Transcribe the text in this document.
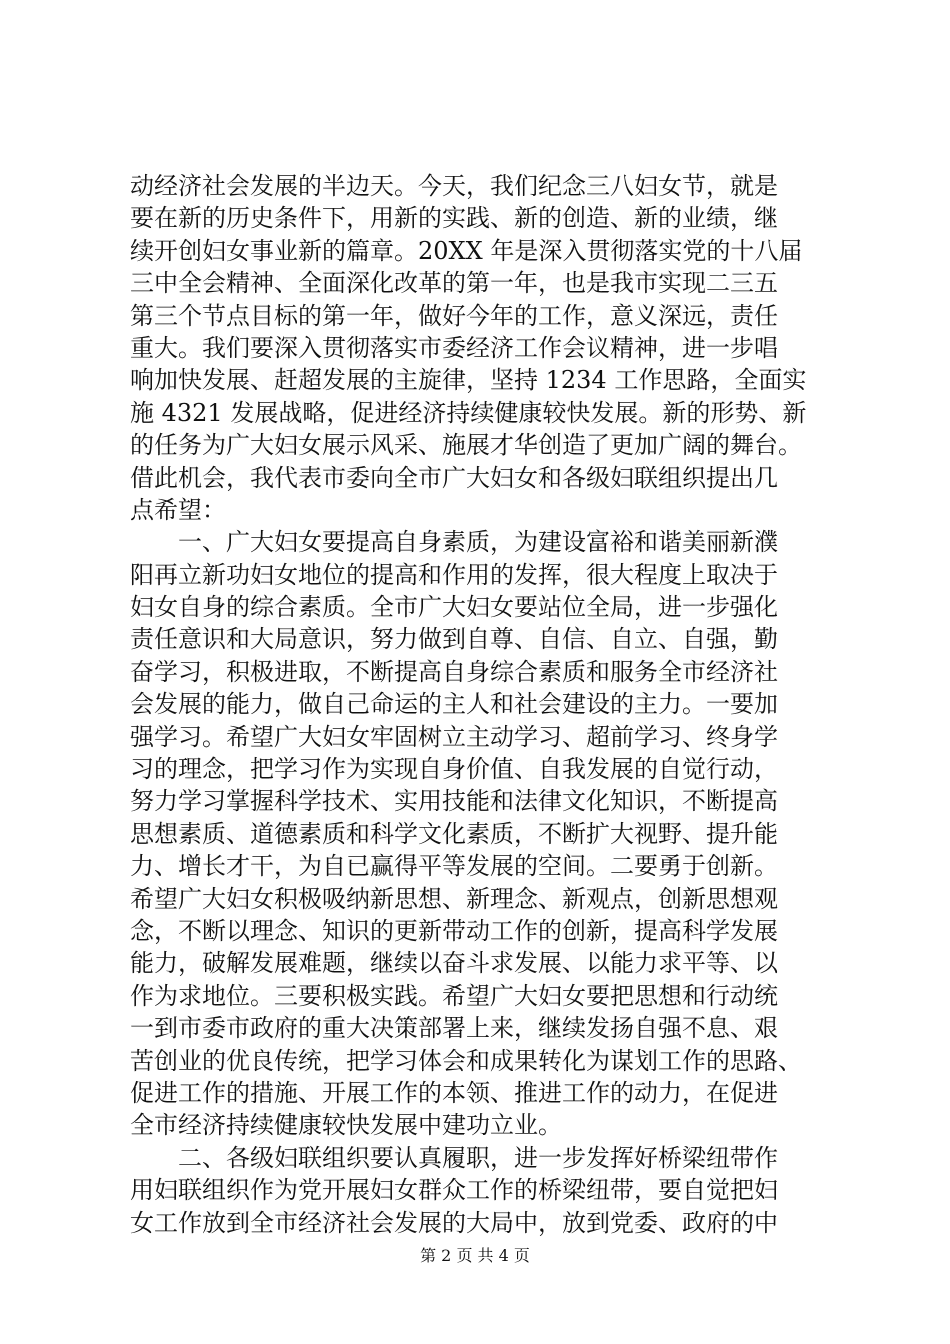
动经济社会发展的半边天。今天，我们纪念三八妇女节，就是
要在新的历史条件下，用新的实践、新的创造、新的业绩，继
续开创妇女事业新的篇章。20XX 年是深入贯彻落实党的十八届
三中全会精神、全面深化改革的第一年，也是我市实现二三五
第三个节点目标的第一年，做好今年的工作，意义深远，责任
重大。我们要深入贯彻落实市委经济工作会议精神，进一步唱
响加快发展、赶超发展的主旋律，坚持 1234 工作思路，全面实
施 4321 发展战略，促进经济持续健康较快发展。新的形势、新
的任务为广大妇女展示风采、施展才华创造了更加广阔的舞台。
借此机会，我代表市委向全市广大妇女和各级妇联组织提出几
点希望：
　　一、广大妇女要提高自身素质，为建设富裕和谐美丽新濮
阳再立新功妇女地位的提高和作用的发挥，很大程度上取决于
妇女自身的综合素质。全市广大妇女要站位全局，进一步强化
责任意识和大局意识，努力做到自尊、自信、自立、自强，勤
奋学习，积极进取，不断提高自身综合素质和服务全市经济社
会发展的能力，做自己命运的主人和社会建设的主力。一要加
强学习。希望广大妇女牢固树立主动学习、超前学习、终身学
习的理念，把学习作为实现自身价值、自我发展的自觉行动，
努力学习掌握科学技术、实用技能和法律文化知识，不断提高
思想素质、道德素质和科学文化素质，不断扩大视野、提升能
力、增长才干，为自已赢得平等发展的空间。二要勇于创新。
希望广大妇女积极吸纳新思想、新理念、新观点，创新思想观
念，不断以理念、知识的更新带动工作的创新，提高科学发展
能力，破解发展难题，继续以奋斗求发展、以能力求平等、以
作为求地位。三要积极实践。希望广大妇女要把思想和行动统
一到市委市政府的重大决策部署上来，继续发扬自强不息、艰
苦创业的优良传统，把学习体会和成果转化为谋划工作的思路、
促进工作的措施、开展工作的本领、推进工作的动力，在促进
全市经济持续健康较快发展中建功立业。
　　二、各级妇联组织要认真履职，进一步发挥好桥梁纽带作
用妇联组织作为党开展妇女群众工作的桥梁纽带，要自觉把妇
女工作放到全市经济社会发展的大局中，放到党委、政府的中
第 2 页 共 4 页
